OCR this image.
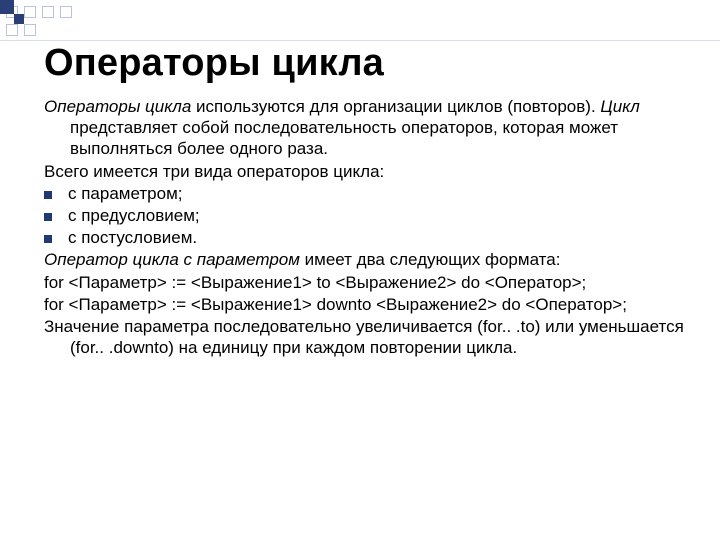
Операторы цикла

Операторы цикла используются для организации циклов (повторов). Цикл представляет собой последовательность операторов, которая может выполняться более одного раза.

Всего имеется три вида операторов цикла:

с параметром;
с предусловием;
с постусловием.

Оператор цикла с параметром имеет два следующих формата:

for <Параметр> := <Выражение1> to <Выражение2> do <Оператор>;

for <Параметр> := <Выражение1> downto <Выражение2> do <Оператор>;

Значение параметра последовательно увеличивается (for.. .to) или уменьшается (for.. .downto) на единицу при каждом повторении цикла.
